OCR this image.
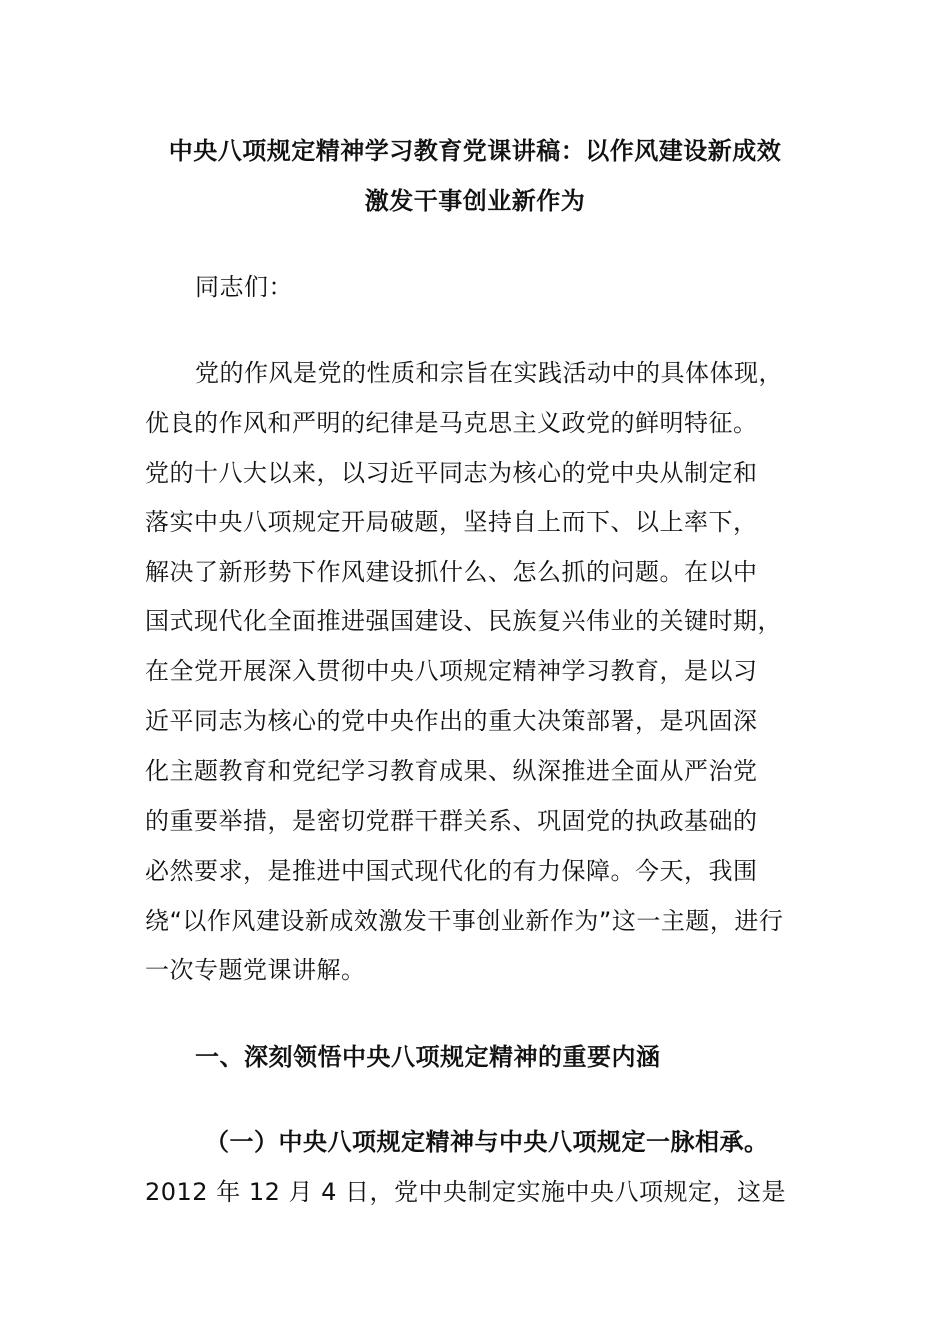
中央八项规定精神学习教育党课讲稿：以作风建设新成效
激发干事创业新作为
同志们：
党的作风是党的性质和宗旨在实践活动中的具体体现，
优良的作风和严明的纪律是马克思主义政党的鲜明特征。
党的十八大以来，以习近平同志为核心的党中央从制定和
落实中央八项规定开局破题，坚持自上而下、以上率下，
解决了新形势下作风建设抓什么、怎么抓的问题。在以中
国式现代化全面推进强国建设、民族复兴伟业的关键时期，
在全党开展深入贯彻中央八项规定精神学习教育，是以习
近平同志为核心的党中央作出的重大决策部署，是巩固深
化主题教育和党纪学习教育成果、纵深推进全面从严治党
的重要举措，是密切党群干群关系、巩固党的执政基础的
必然要求，是推进中国式现代化的有力保障。今天，我围
绕“以作风建设新成效激发干事创业新作为”这一主题，进行
一次专题党课讲解。
一、深刻领悟中央八项规定精神的重要内涵
（一）中央八项规定精神与中央八项规定一脉相承。
2012 年 12 月 4 日，党中央制定实施中央八项规定，这是
